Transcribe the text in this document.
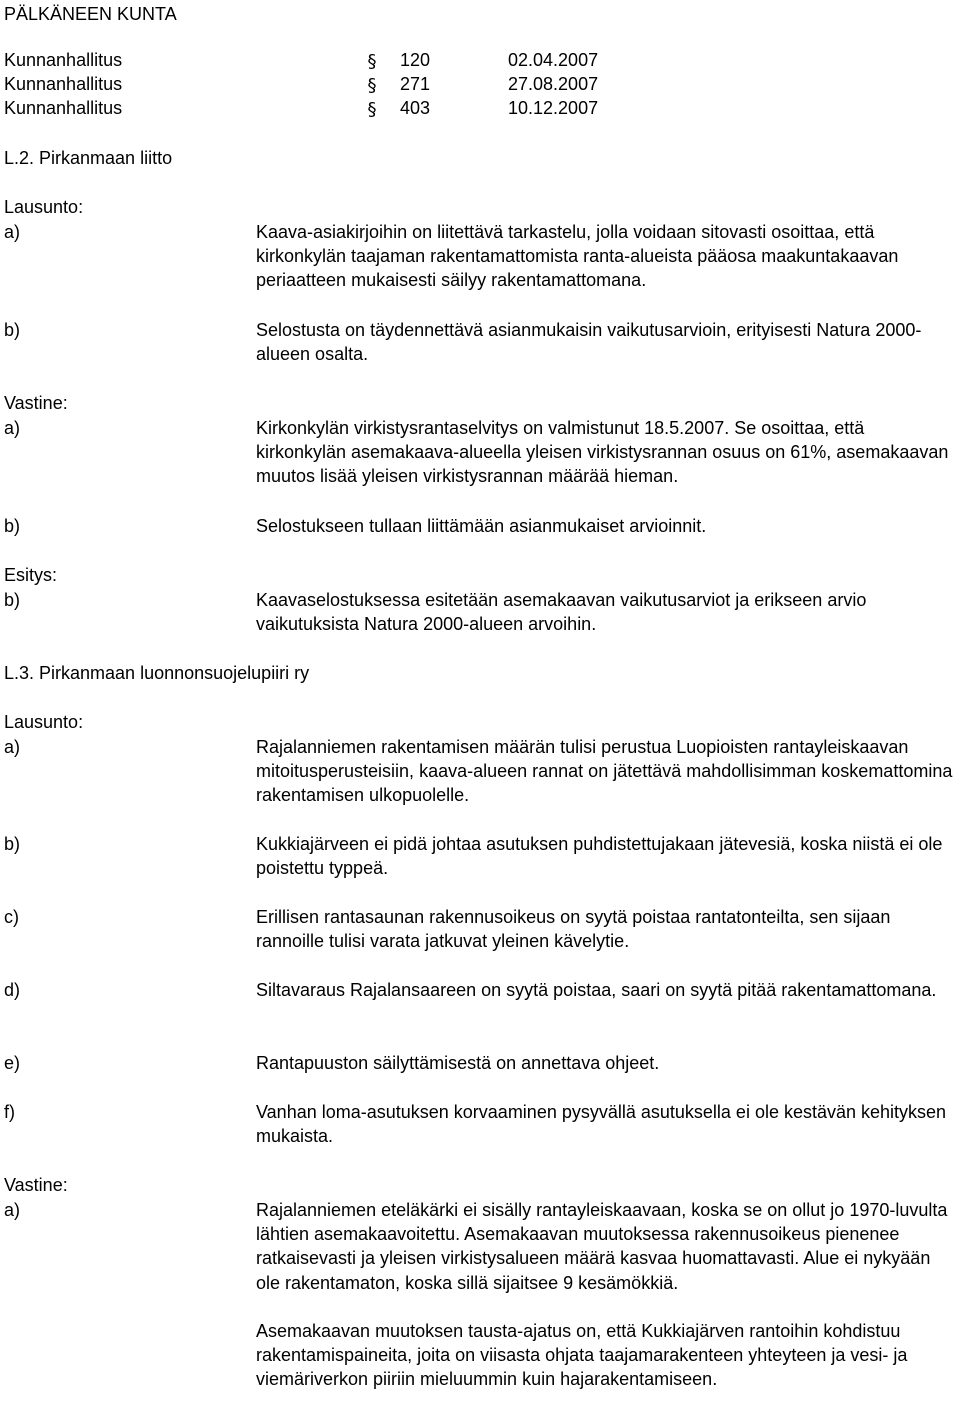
PÄLKÄNEEN KUNTA
Kunnanhallitus	§ 120	02.04.2007
Kunnanhallitus	§ 271	27.08.2007
Kunnanhallitus	§ 403	10.12.2007
L.2. Pirkanmaan liitto
Lausunto:
a)	Kaava-asiakirjoihin on liitettävä tarkastelu, jolla voidaan sitovasti osoittaa, että kirkonkylän taajaman rakentamattomista ranta-alueista pääosa maakuntakaavan periaatteen mukaisesti säilyy rakentamattomana.
b)	Selostusta on täydennettävä asianmukaisin vaikutusarvioin, erityisesti Natura 2000-alueen osalta.
Vastine:
a)	Kirkonkylän virkistysrantaselvitys on valmistunut 18.5.2007. Se osoittaa, että kirkonkylän asemakaava-alueella yleisen virkistysrannan osuus on 61%, asemakaavan muutos lisää yleisen virkistysrannan määrää hieman.
b)	Selostukseen tullaan liittämään asianmukaiset arvioinnit.
Esitys:
b)	Kaavaselostuksessa esitetään asemakaavan vaikutusarviot ja erikseen arvio vaikutuksista Natura 2000-alueen arvoihin.
L.3. Pirkanmaan luonnonsuojelupiiri ry
Lausunto:
a)	Rajalanniemen rakentamisen määrän tulisi perustua Luopioisten rantayleiskaavan mitoitusperusteisiin, kaava-alueen rannat on jätettävä mahdollisimman koskemattomina rakentamisen ulkopuolelle.
b)	Kukkiajärveen ei pidä johtaa asutuksen puhdistettujakaan jätevesiä, koska niistä ei ole poistettu typpeä.
c)	Erillisen rantasaunan rakennusoikeus on syytä poistaa rantatonteilta, sen sijaan rannoille tulisi varata jatkuvat yleinen kävelytie.
d)	Siltavaraus Rajalansaareen on syytä poistaa, saari on syytä pitää rakentamattomana.
e)	Rantapuuston säilyttämisestä on annettava ohjeet.
f)	Vanhan loma-asutuksen korvaaminen pysyvällä asutuksella ei ole kestävän kehityksen mukaista.
Vastine:
a)	Rajalanniemen eteläkärki ei sisälly rantayleiskaavaan, koska se on ollut jo 1970-luvulta lähtien asemakaavoitettu. Asemakaavan muutoksessa rakennusoikeus pienenee ratkaisevasti ja yleisen virkistysalueen määrä kasvaa huomattavasti. Alue ei nykyään ole rakentamaton, koska sillä sijaitsee 9 kesämökkiä.
Asemakaavan muutoksen tausta-ajatus on, että Kukkiajärven rantoihin kohdistuu rakentamispaineita, joita on viisasta ohjata taajamarakenteen yhteyteen ja vesi- ja viemäriverkon piiriin mieluummin kuin hajarakentamiseen.
